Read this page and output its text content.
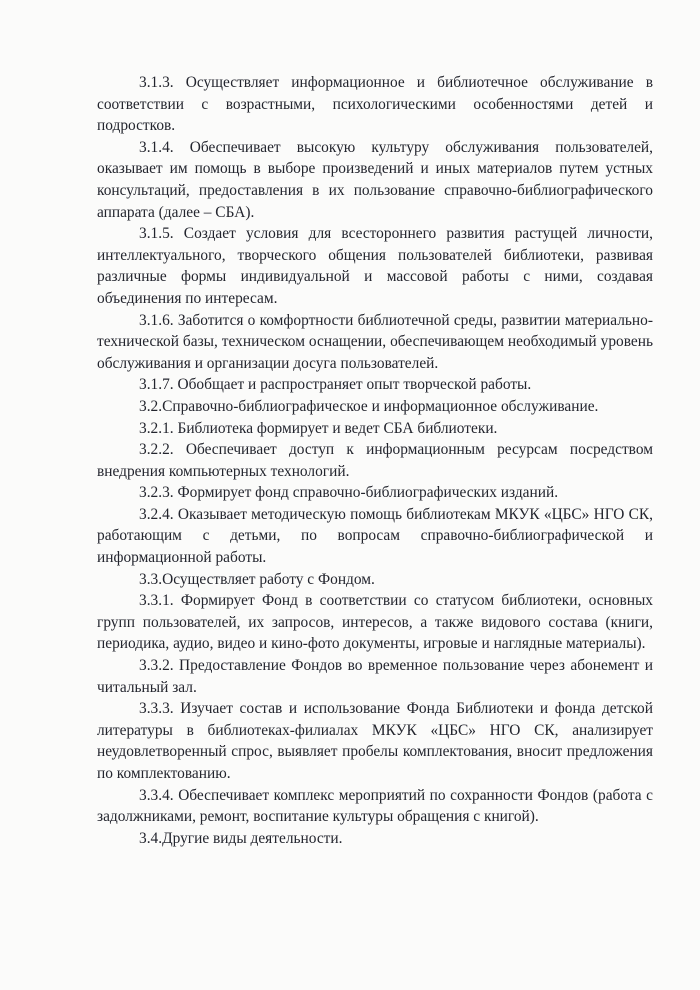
3.1.3. Осуществляет информационное и библиотечное обслуживание в соответствии с возрастными, психологическими особенностями детей и подростков.

3.1.4. Обеспечивает высокую культуру обслуживания пользователей, оказывает им помощь в выборе произведений и иных материалов путем устных консультаций, предоставления в их пользование справочно-библиографического аппарата (далее – СБА).

3.1.5. Создает условия для всестороннего развития растущей личности, интеллектуального, творческого общения пользователей библиотеки, развивая различные формы индивидуальной и массовой работы с ними, создавая объединения по интересам.

3.1.6. Заботится о комфортности библиотечной среды, развитии материально-технической базы, техническом оснащении, обеспечивающем необходимый уровень обслуживания и организации досуга пользователей.

3.1.7. Обобщает и распространяет опыт творческой работы.

3.2.Справочно-библиографическое и информационное обслуживание.

3.2.1. Библиотека формирует и ведет СБА библиотеки.

3.2.2. Обеспечивает доступ к информационным ресурсам посредством внедрения компьютерных технологий.

3.2.3. Формирует фонд справочно-библиографических изданий.

3.2.4. Оказывает методическую помощь библиотекам МКУК «ЦБС» НГО СК, работающим с детьми, по вопросам справочно-библиографической и информационной работы.

3.3.Осуществляет работу с Фондом.

3.3.1. Формирует Фонд в соответствии со статусом библиотеки, основных групп пользователей, их запросов, интересов, а также видового состава (книги, периодика, аудио, видео и кино-фото документы, игровые и наглядные материалы).

3.3.2. Предоставление Фондов во временное пользование через абонемент и читальный зал.

3.3.3. Изучает состав и использование Фонда Библиотеки и фонда детской литературы в библиотеках-филиалах МКУК «ЦБС» НГО СК, анализирует неудовлетворенный спрос, выявляет пробелы комплектования, вносит предложения по комплектованию.

3.3.4. Обеспечивает комплекс мероприятий по сохранности Фондов (работа с задолжниками, ремонт, воспитание культуры обращения с книгой).

3.4.Другие виды деятельности.
